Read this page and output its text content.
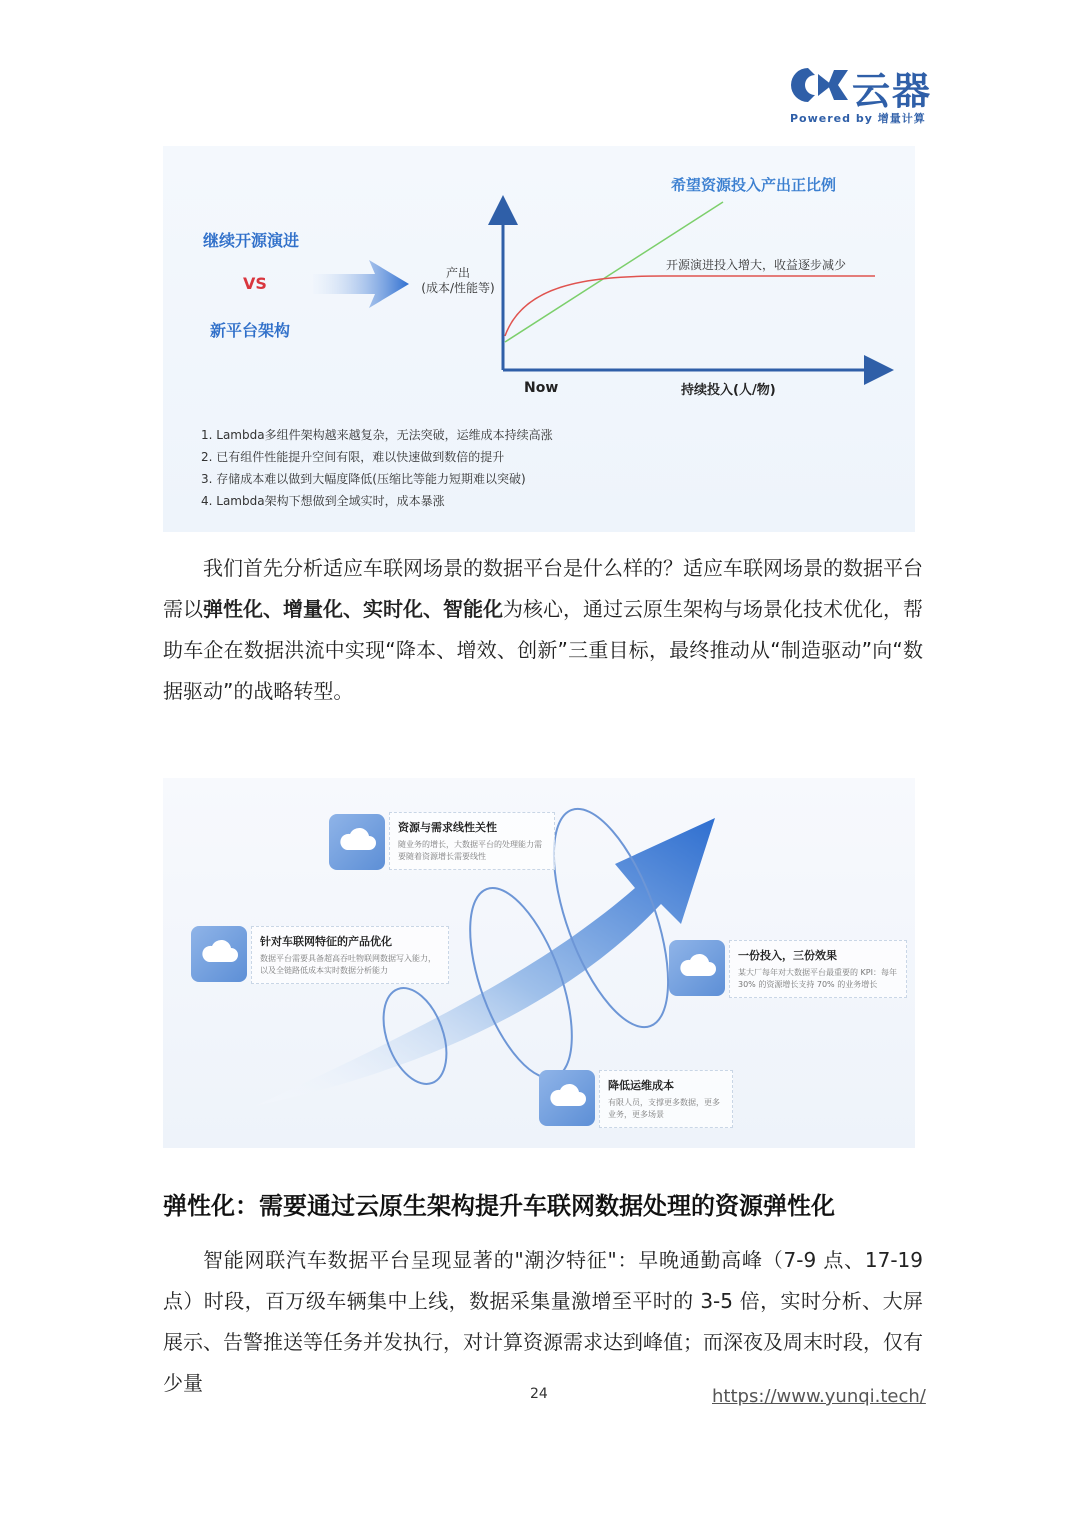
云器
Powered by 增量计算
继续开源演进
VS
新平台架构
产出
(成本/性能等)
希望资源投入产出正比例
开源演进投入增大，收益逐步减少
Now	持续投入(人/物)
1. Lambda多组件架构越来越复杂，无法突破，运维成本持续高涨
2. 已有组件性能提升空间有限，难以快速做到数倍的提升
3. 存储成本难以做到大幅度降低(压缩比等能力短期难以突破)
4. Lambda架构下想做到全域实时，成本暴涨

我们首先分析适应车联网场景的数据平台是什么样的？适应车联网场景的数据平台需以弹性化、增量化、实时化、智能化为核心，通过云原生架构与场景化技术优化，帮助车企在数据洪流中实现“降本、增效、创新”三重目标，最终推动从“制造驱动”向“数据驱动”的战略转型。

资源与需求线性关性
随业务的增长，大数据平台的处理能力需要随着资源增长需要线性
针对车联网特征的产品优化
数据平台需要具备超高吞吐物联网数据写入能力，以及全链路低成本实时数据分析能力
一份投入，三份效果
某大厂每年对大数据平台最重要的 KPI：每年 30% 的资源增长支持 70% 的业务增长
降低运维成本
有限人员，支撑更多数据，更多业务，更多场景
弹性化：需要通过云原生架构提升车联网数据处理的资源弹性化

智能网联汽车数据平台呈现显著的"潮汐特征"：早晚通勤高峰（7-9 点、17-19 点）时段，百万级车辆集中上线，数据采集量激增至平时的 3-5 倍，实时分析、大屏展示、告警推送等任务并发执行，对计算资源需求达到峰值；而深夜及周末时段，仅有少量	24	https://www.yunqi.tech/
